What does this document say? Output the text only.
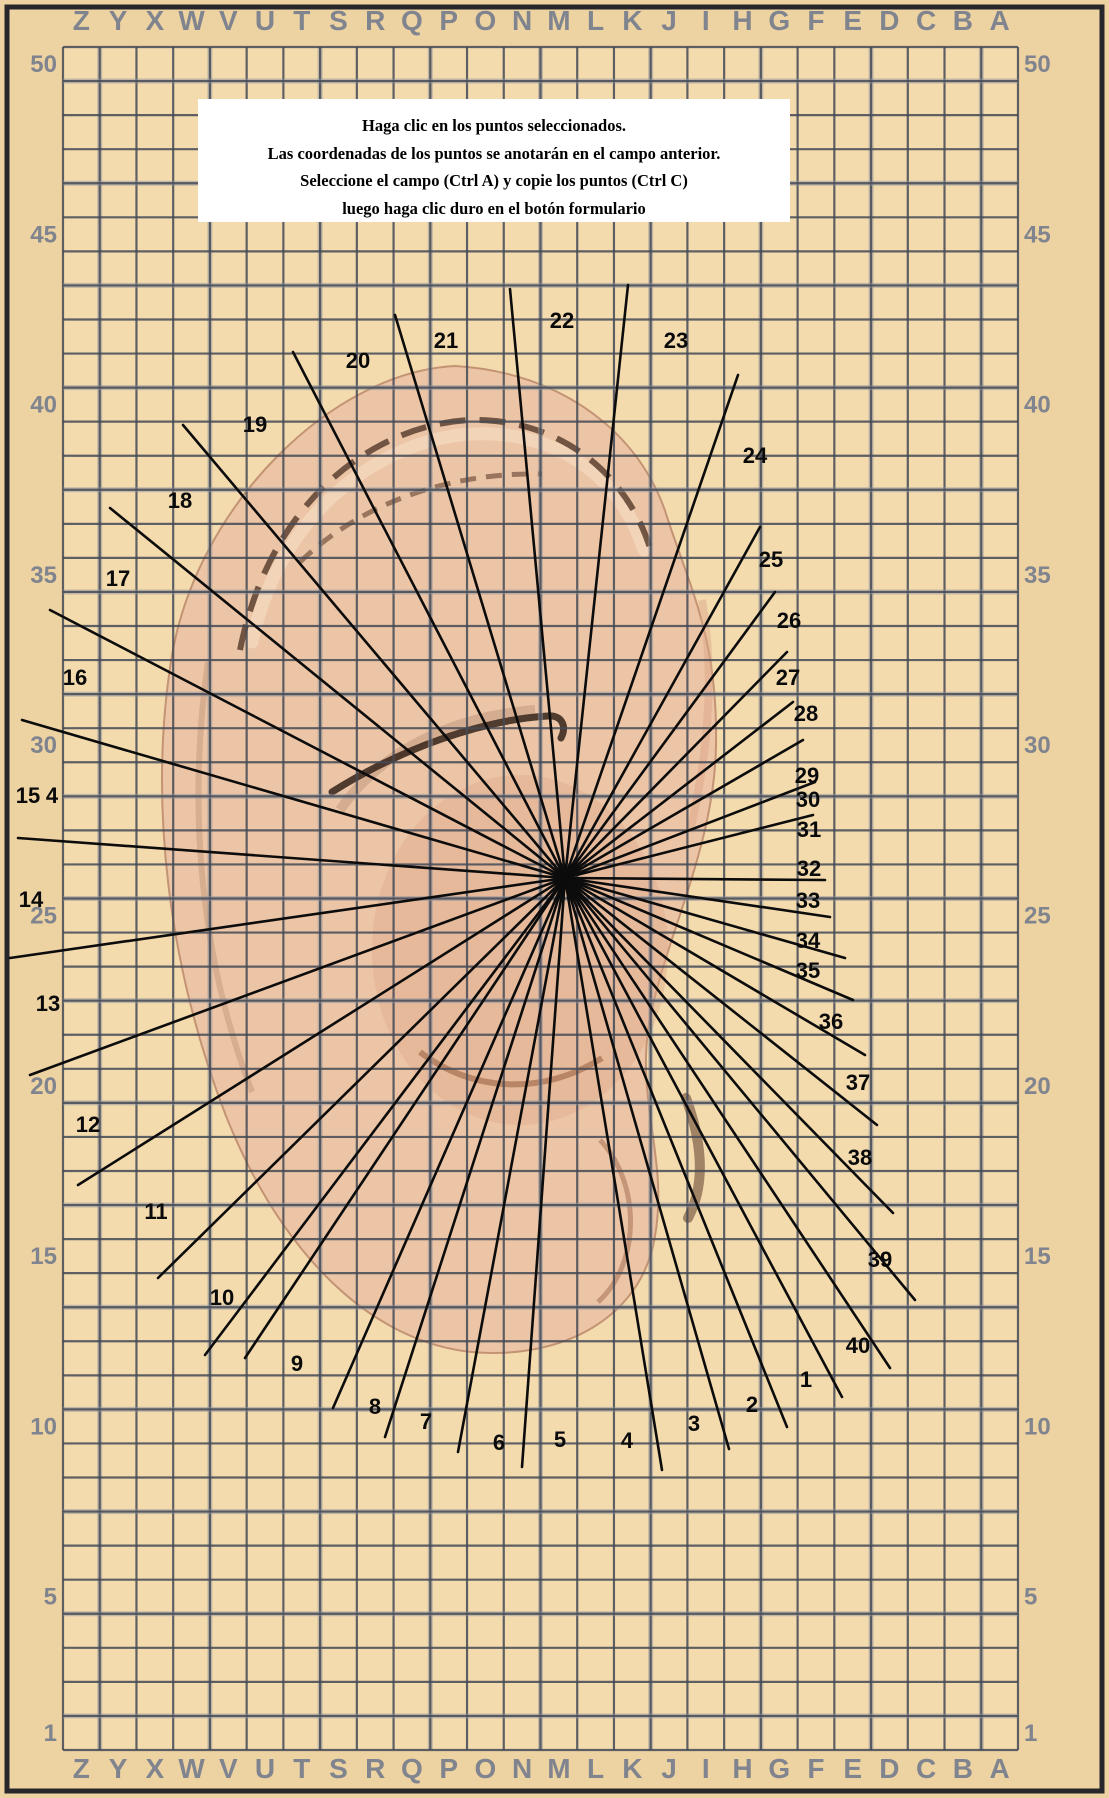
Z
Z
Y
Y
X
X
W
W
V
V
U
U
T
T
S
S
R
R
Q
Q
P
P
O
O
N
N
M
M
L
L
K
K
J
J
I
I
H
H
G
G
F
F
E
E
D
D
C
C
B
B
A
A
50	50
45	45
40	40
35	35
30	30
25	25
20	20
15	15
10	10
5	5
1	1
1
2
3
4
5
6
7
8
9
10
11
12
13
14
15
16
17
18
19
20
21
22
23
24
25
26
27
28
29
30
31
32
33
34
35
36
37
38
39
40
4
Haga clic en los puntos seleccionados.
Las coordenadas de los puntos se anotarán en el campo anterior.
Seleccione el campo (Ctrl A) y copie los puntos (Ctrl C)
luego haga clic duro en el botón formulario
